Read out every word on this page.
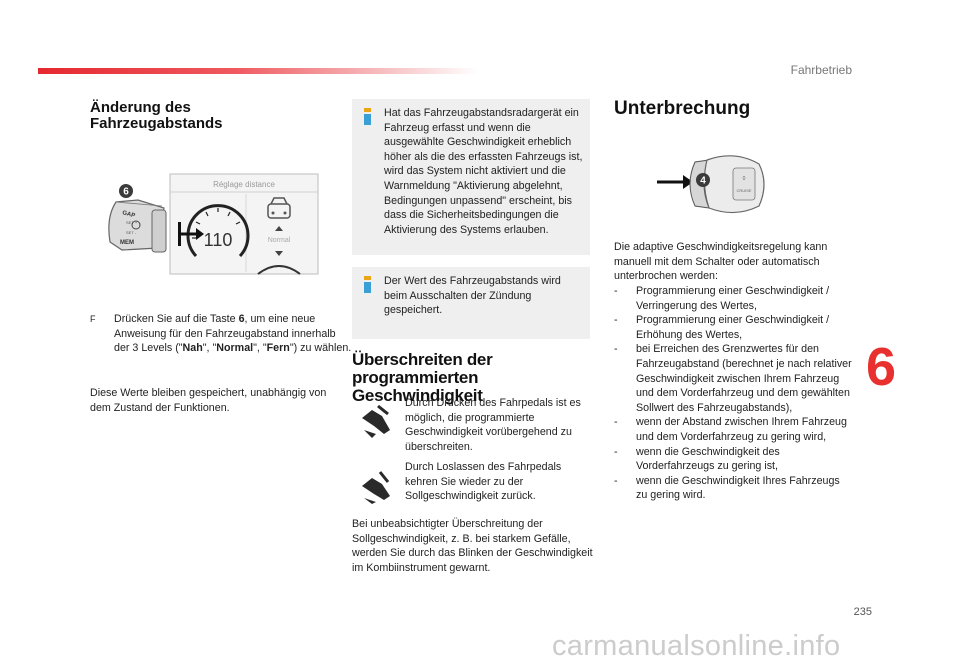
Fahrbetrieb
Änderung des
Fahrzeugabstands
GAP
MEM
SET +
SET -
6
Réglage distance
110	Normal
F Drücken Sie auf die Taste 6, um eine neue Anweisung für den Fahrzeugabstand innerhalb der 3 Levels ("Nah", "Normal", "Fern") zu wählen.
Diese Werte bleiben gespeichert, unabhängig von dem Zustand der Funktionen.
Hat das Fahrzeugabstandsradargerät ein Fahrzeug erfasst und wenn die ausgewählte Geschwindigkeit erheblich höher als die des erfassten Fahrzeugs ist, wird das System nicht aktiviert und die Warnmeldung "Aktivierung abgelehnt, Bedingungen unpassend" erscheint, bis dass die Sicherheitsbedingungen die Aktivierung des Systems erlauben.
Der Wert des Fahrzeugabstands wird beim Ausschalten der Zündung gespeichert.
Überschreiten der
programmierten Geschwindigkeit
Durch Drücken des Fahrpedals ist es möglich, die programmierte Geschwindigkeit vorübergehend zu überschreiten.
Durch Loslassen des Fahrpedals kehren Sie wieder zu der Sollgeschwindigkeit zurück.
Bei unbeabsichtigter Überschreitung der Sollgeschwindigkeit, z. B. bei starkem Gefälle, werden Sie durch das Blinken der Geschwindigkeit im Kombiinstrument gewarnt.
Unterbrechung
0
CRUISE
4
Die adaptive Geschwindigkeitsregelung kann manuell mit dem Schalter oder automatisch unterbrochen werden:
- Programmierung einer Geschwindigkeit / Verringerung des Wertes,
- Programmierung einer Geschwindigkeit / Erhöhung des Wertes,
- bei Erreichen des Grenzwertes für den Fahrzeugabstand (berechnet je nach relativer Geschwindigkeit zwischen Ihrem Fahrzeug und dem Vorderfahrzeug und dem gewählten Sollwert des Fahrzeugabstands),
- wenn der Abstand zwischen Ihrem Fahrzeug und dem Vorderfahrzeug zu gering wird,
- wenn die Geschwindigkeit des Vorderfahrzeugs zu gering ist,
- wenn die Geschwindigkeit Ihres Fahrzeugs zu gering wird.
6
235
carmanualsonline.info
